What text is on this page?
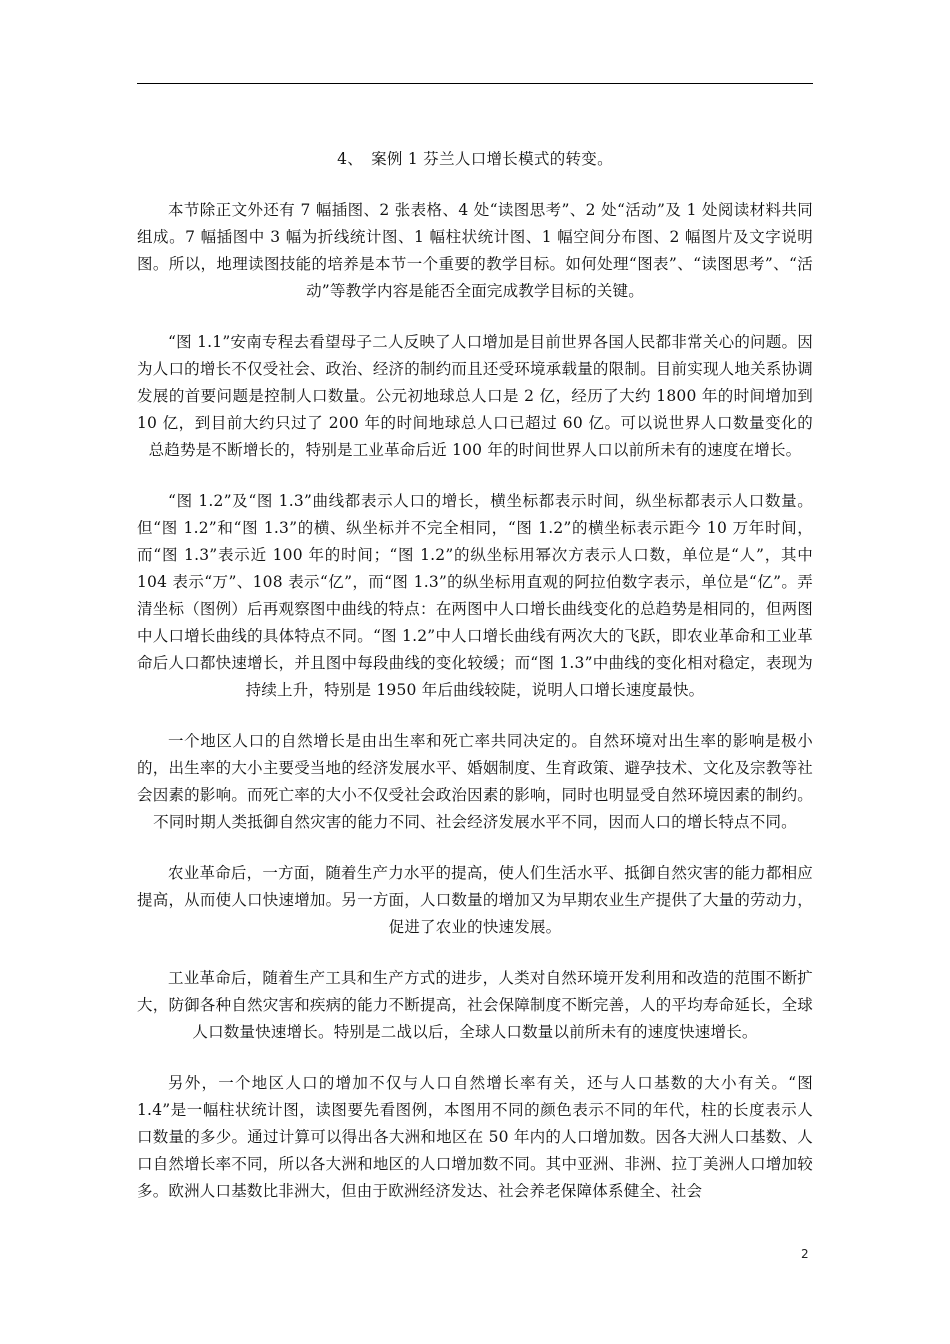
4、　案例 1 芬兰人口增长模式的转变。

本节除正文外还有 7 幅插图、2 张表格、4 处“读图思考”、2 处“活动”及 1 处阅读材料共同组成。7 幅插图中 3 幅为折线统计图、1 幅柱状统计图、1 幅空间分布图、2 幅图片及文字说明图。所以，地理读图技能的培养是本节一个重要的教学目标。如何处理“图表”、“读图思考”、“活动”等教学内容是能否全面完成教学目标的关键。

“图 1.1”安南专程去看望母子二人反映了人口增加是目前世界各国人民都非常关心的问题。因为人口的增长不仅受社会、政治、经济的制约而且还受环境承载量的限制。目前实现人地关系协调发展的首要问题是控制人口数量。公元初地球总人口是 2 亿，经历了大约 1800 年的时间增加到 10 亿，到目前大约只过了 200 年的时间地球总人口已超过 60 亿。可以说世界人口数量变化的总趋势是不断增长的，特别是工业革命后近 100 年的时间世界人口以前所未有的速度在增长。

“图 1.2”及“图 1.3”曲线都表示人口的增长，横坐标都表示时间，纵坐标都表示人口数量。但“图 1.2”和“图 1.3”的横、纵坐标并不完全相同，“图 1.2”的横坐标表示距今 10 万年时间，而“图 1.3”表示近 100 年的时间；“图 1.2”的纵坐标用幂次方表示人口数，单位是“人”，其中 104 表示“万”、108 表示“亿”，而“图 1.3”的纵坐标用直观的阿拉伯数字表示，单位是“亿”。弄清坐标（图例）后再观察图中曲线的特点：在两图中人口增长曲线变化的总趋势是相同的，但两图中人口增长曲线的具体特点不同。“图 1.2”中人口增长曲线有两次大的飞跃，即农业革命和工业革命后人口都快速增长，并且图中每段曲线的变化较缓；而“图 1.3”中曲线的变化相对稳定，表现为持续上升，特别是 1950 年后曲线较陡，说明人口增长速度最快。

一个地区人口的自然增长是由出生率和死亡率共同决定的。自然环境对出生率的影响是极小的，出生率的大小主要受当地的经济发展水平、婚姻制度、生育政策、避孕技术、文化及宗教等社会因素的影响。而死亡率的大小不仅受社会政治因素的影响，同时也明显受自然环境因素的制约。不同时期人类抵御自然灾害的能力不同、社会经济发展水平不同，因而人口的增长特点不同。

农业革命后，一方面，随着生产力水平的提高，使人们生活水平、抵御自然灾害的能力都相应提高，从而使人口快速增加。另一方面，人口数量的增加又为早期农业生产提供了大量的劳动力，促进了农业的快速发展。

工业革命后，随着生产工具和生产方式的进步，人类对自然环境开发利用和改造的范围不断扩大，防御各种自然灾害和疾病的能力不断提高，社会保障制度不断完善，人的平均寿命延长，全球人口数量快速增长。特别是二战以后，全球人口数量以前所未有的速度快速增长。

另外，一个地区人口的增加不仅与人口自然增长率有关，还与人口基数的大小有关。“图 1.4”是一幅柱状统计图，读图要先看图例，本图用不同的颜色表示不同的年代，柱的长度表示人口数量的多少。通过计算可以得出各大洲和地区在 50 年内的人口增加数。因各大洲人口基数、人口自然增长率不同，所以各大洲和地区的人口增加数不同。其中亚洲、非洲、拉丁美洲人口增加较多。欧洲人口基数比非洲大，但由于欧洲经济发达、社会养老保障体系健全、社会

2
